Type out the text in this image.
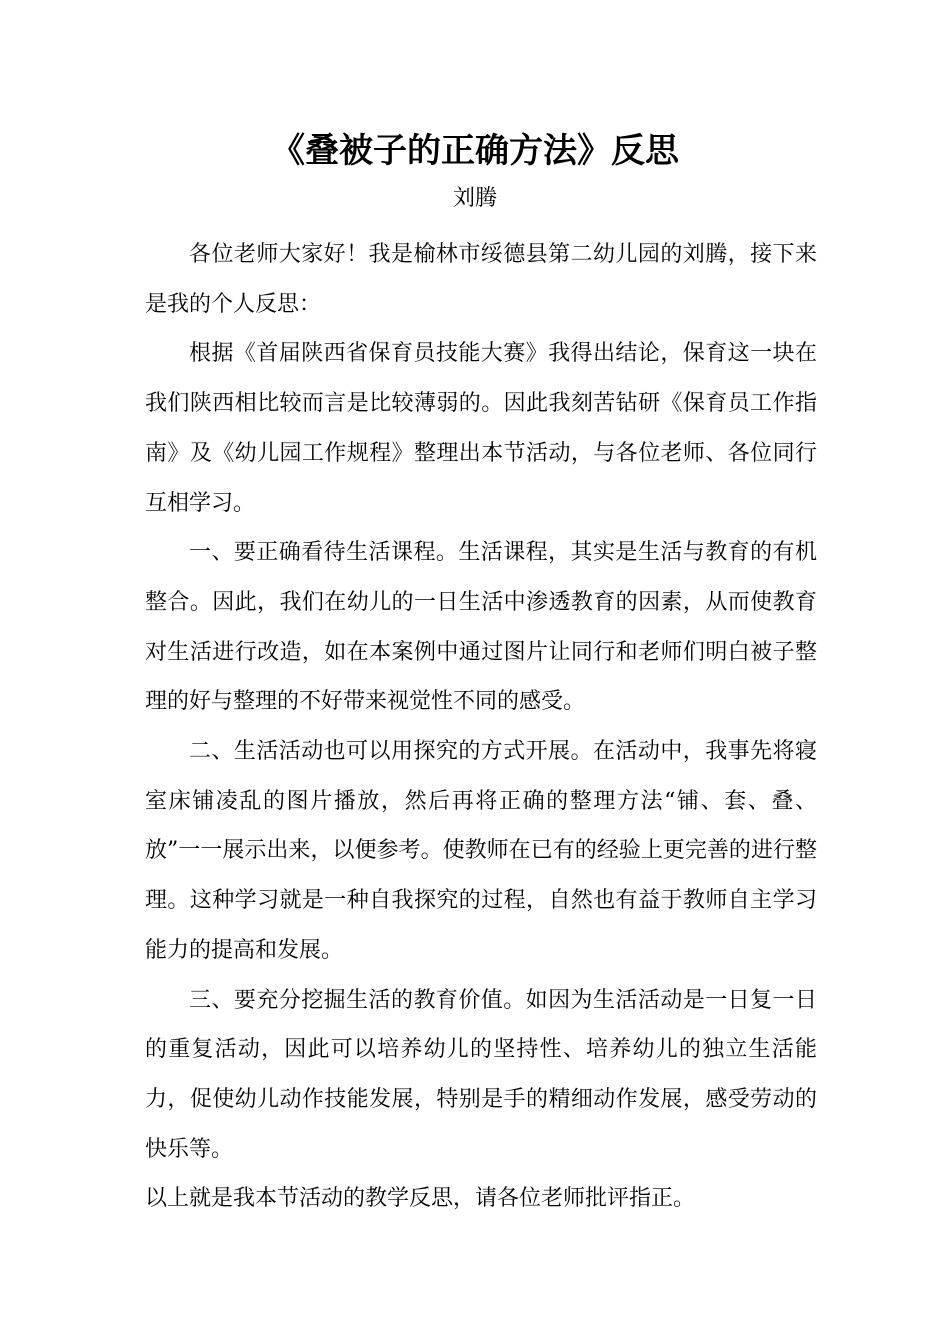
《叠被子的正确方法》反思
刘腾

各位老师大家好！我是榆林市绥德县第二幼儿园的刘腾，接下来是我的个人反思：

根据《首届陕西省保育员技能大赛》我得出结论，保育这一块在我们陕西相比较而言是比较薄弱的。因此我刻苦钻研《保育员工作指南》及《幼儿园工作规程》整理出本节活动，与各位老师、各位同行互相学习。

一、要正确看待生活课程。生活课程，其实是生活与教育的有机整合。因此，我们在幼儿的一日生活中渗透教育的因素，从而使教育对生活进行改造，如在本案例中通过图片让同行和老师们明白被子整理的好与整理的不好带来视觉性不同的感受。

二、生活活动也可以用探究的方式开展。在活动中，我事先将寝室床铺凌乱的图片播放，然后再将正确的整理方法“铺、套、叠、放”一一展示出来，以便参考。使教师在已有的经验上更完善的进行整理。这种学习就是一种自我探究的过程，自然也有益于教师自主学习能力的提高和发展。

三、要充分挖掘生活的教育价值。如因为生活活动是一日复一日的重复活动，因此可以培养幼儿的坚持性、培养幼儿的独立生活能力，促使幼儿动作技能发展，特别是手的精细动作发展，感受劳动的快乐等。

以上就是我本节活动的教学反思，请各位老师批评指正。
